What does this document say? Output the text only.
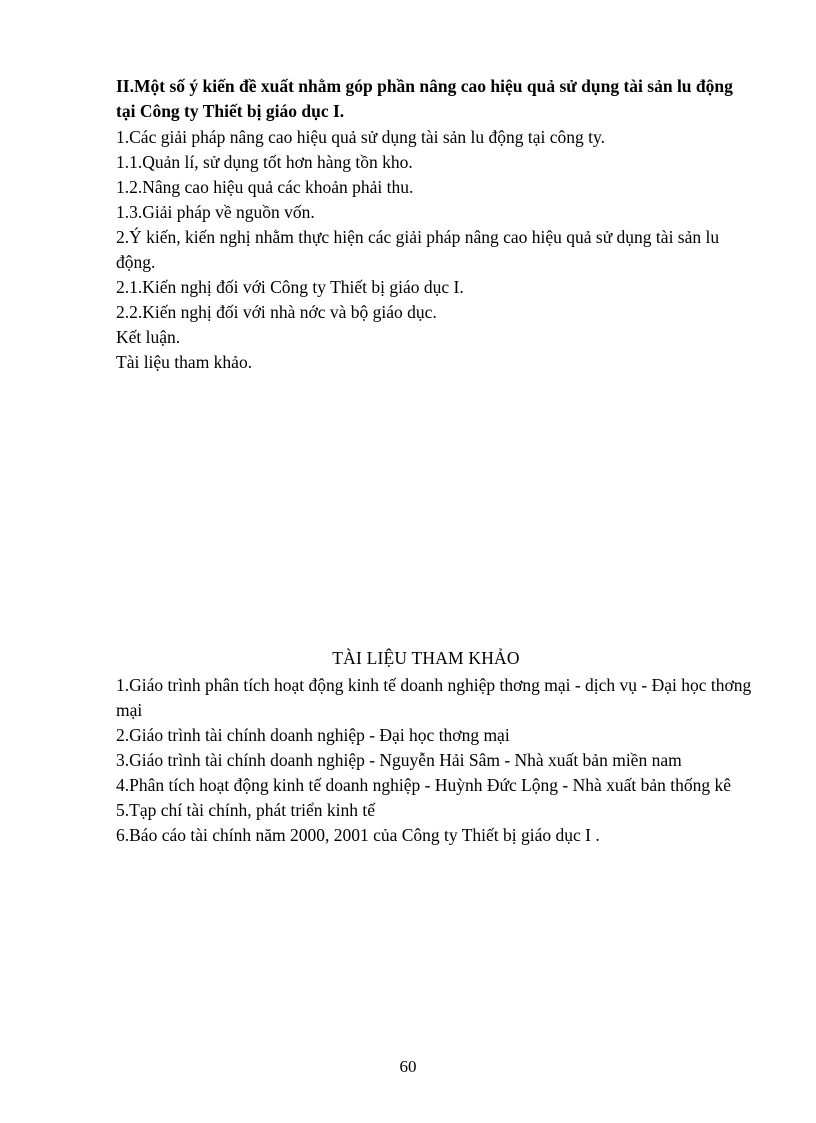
II.Một số ý kiến đề xuất nhằm góp phần nâng cao hiệu quả sử dụng tài sản lu động tại Công ty Thiết bị giáo dục I.

1.Các giải pháp nâng cao hiệu quả sử dụng tài sản lu động tại công ty.

1.1.Quản lí, sử dụng tốt hơn hàng tồn kho.

1.2.Nâng cao hiệu quả các khoản phải thu.

1.3.Giải pháp về nguồn vốn.

2.Ý kiến, kiến nghị nhằm thực hiện các giải pháp nâng cao hiệu quả sử dụng tài sản lu động.

2.1.Kiến nghị đối với Công ty Thiết bị giáo dục I.

2.2.Kiến nghị đối với nhà nớc và bộ giáo dục.

Kết luận.

Tài liệu tham khảo.

TÀI LIỆU THAM KHẢO

1.Giáo trình phân tích hoạt động kinh tế doanh nghiệp thơng mại - dịch vụ - Đại học thơng mại

2.Giáo trình tài chính doanh nghiệp - Đại học thơng mại

3.Giáo trình tài chính doanh nghiệp - Nguyễn Hải Sâm - Nhà xuất bản miền nam

4.Phân tích hoạt động kinh tế doanh nghiệp - Huỳnh Đức Lộng - Nhà xuất bản thống kê

5.Tạp chí tài chính, phát triển kinh tế

6.Báo cáo tài chính năm 2000, 2001 của Công ty Thiết bị giáo dục I .

60
